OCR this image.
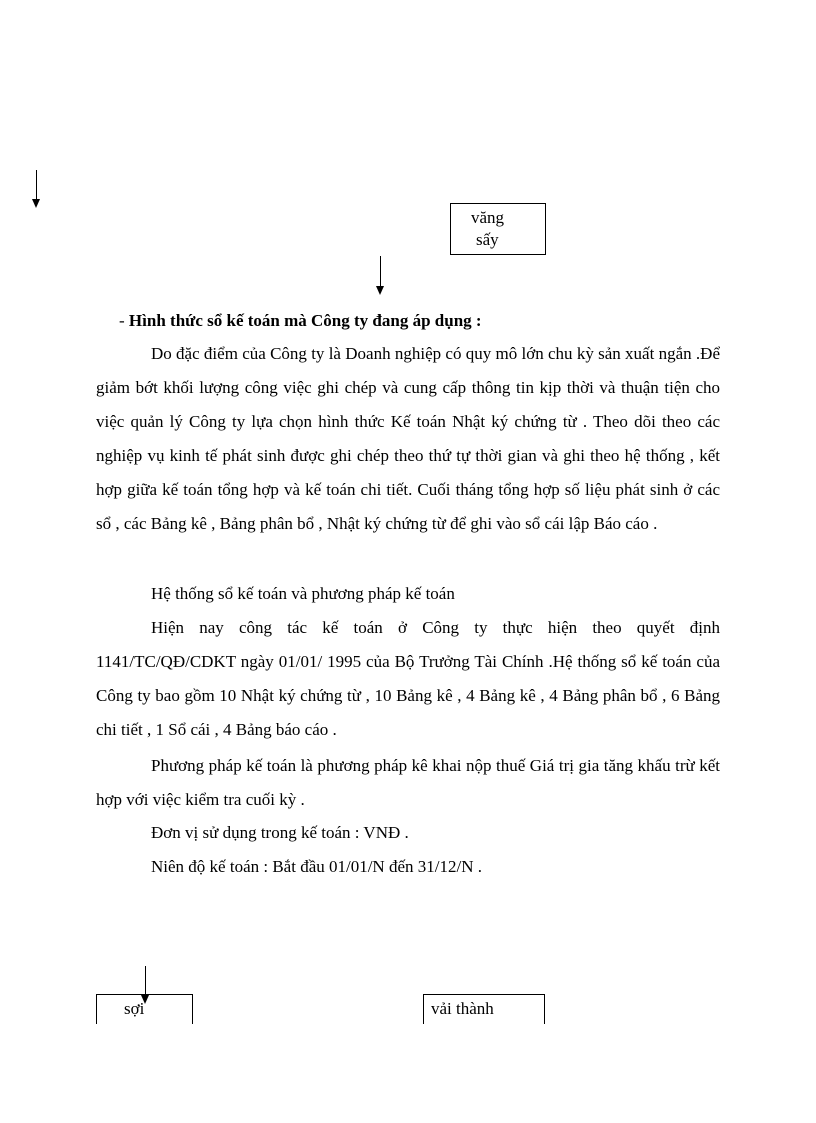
văng
sấy
- Hình thức sổ kế toán mà Công ty đang áp dụng :

Do đặc điểm của Công ty là Doanh nghiệp có quy mô lớn chu kỳ sản xuất ngắn .Để giảm bớt khối lượng công việc ghi chép và cung cấp thông tin kịp thời và thuận tiện cho việc quản lý Công ty lựa chọn hình thức Kế toán Nhật ký chứng từ . Theo dõi theo các nghiệp vụ kinh tế phát sinh được ghi chép theo thứ tự thời gian và ghi theo hệ thống , kết hợp giữa kế toán tổng hợp và kế toán chi tiết. Cuối tháng tổng hợp số liệu phát sinh ở các sổ , các Bảng kê , Bảng phân bổ , Nhật ký chứng từ để ghi vào sổ cái lập Báo cáo .

Hệ thống sổ kế toán và phương pháp kế toán

Hiện nay công tác kế toán ở Công ty thực hiện theo quyết định 1141/TC/QĐ/CDKT ngày 01/01/ 1995 của Bộ Trưởng Tài Chính .Hệ thống sổ kế toán của Công ty bao gồm 10 Nhật ký chứng từ , 10 Bảng kê , 4 Bảng kê , 4 Bảng phân bổ , 6 Bảng chi tiết , 1 Sổ cái , 4 Bảng báo cáo .

Phương pháp kế toán là phương pháp kê khai nộp thuế Giá trị gia tăng khấu trừ kết hợp với việc kiểm tra cuối kỳ .

Đơn vị sử dụng trong kế toán : VNĐ .
Niên độ kế toán : Bắt đầu 01/01/N đến 31/12/N .
sợi	vải thành
